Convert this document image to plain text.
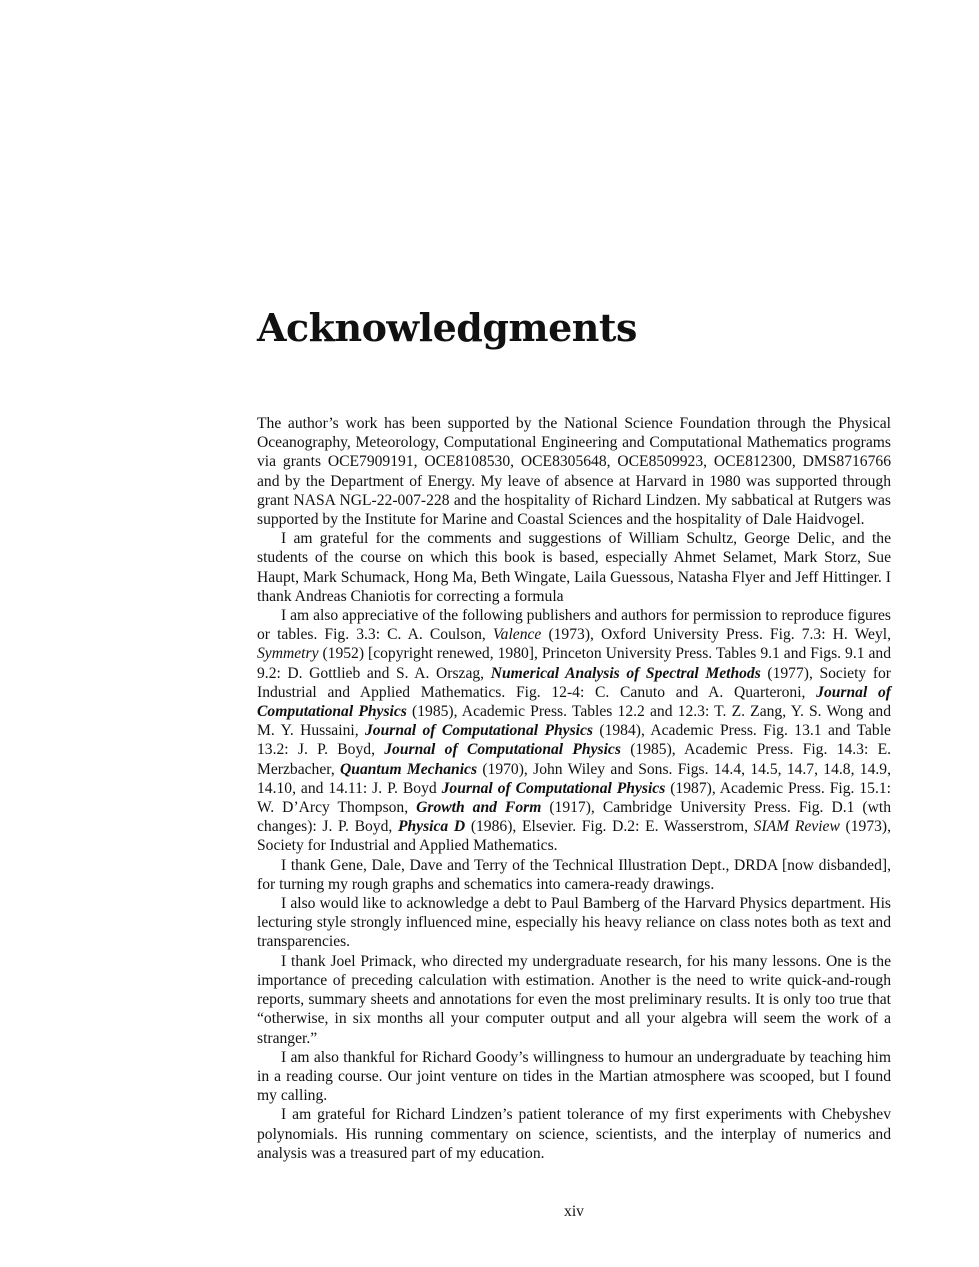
Acknowledgments

The author’s work has been supported by the National Science Foundation through the Physical Oceanography, Meteorology, Computational Engineering and Computational Mathematics programs via grants OCE7909191, OCE8108530, OCE8305648, OCE8509923, OCE812300, DMS8716766 and by the Department of Energy. My leave of absence at Harvard in 1980 was supported through grant NASA NGL-22-007-228 and the hospitality of Richard Lindzen. My sabbatical at Rutgers was supported by the Institute for Marine and Coastal Sciences and the hospitality of Dale Haidvogel.

I am grateful for the comments and suggestions of William Schultz, George Delic, and the students of the course on which this book is based, especially Ahmet Selamet, Mark Storz, Sue Haupt, Mark Schumack, Hong Ma, Beth Wingate, Laila Guessous, Natasha Flyer and Jeff Hittinger. I thank Andreas Chaniotis for correcting a formula

I am also appreciative of the following publishers and authors for permission to reproduce figures or tables. Fig. 3.3: C. A. Coulson, Valence (1973), Oxford University Press. Fig. 7.3: H. Weyl, Symmetry (1952) [copyright renewed, 1980], Princeton University Press. Tables 9.1 and Figs. 9.1 and 9.2: D. Gottlieb and S. A. Orszag, Numerical Analysis of Spectral Methods (1977), Society for Industrial and Applied Mathematics. Fig. 12-4: C. Canuto and A. Quarteroni, Journal of Computational Physics (1985), Academic Press. Tables 12.2 and 12.3: T. Z. Zang, Y. S. Wong and M. Y. Hussaini, Journal of Computational Physics (1984), Academic Press. Fig. 13.1 and Table 13.2: J. P. Boyd, Journal of Computational Physics (1985), Academic Press. Fig. 14.3: E. Merzbacher, Quantum Mechanics (1970), John Wiley and Sons. Figs. 14.4, 14.5, 14.7, 14.8, 14.9, 14.10, and 14.11: J. P. Boyd Journal of Computational Physics (1987), Academic Press. Fig. 15.1: W. D’Arcy Thompson, Growth and Form (1917), Cambridge University Press. Fig. D.1 (wth changes): J. P. Boyd, Physica D (1986), Elsevier. Fig. D.2: E. Wasserstrom, SIAM Review (1973), Society for Industrial and Applied Mathematics.

I thank Gene, Dale, Dave and Terry of the Technical Illustration Dept., DRDA [now disbanded], for turning my rough graphs and schematics into camera-ready drawings.

I also would like to acknowledge a debt to Paul Bamberg of the Harvard Physics department. His lecturing style strongly influenced mine, especially his heavy reliance on class notes both as text and transparencies.

I thank Joel Primack, who directed my undergraduate research, for his many lessons. One is the importance of preceding calculation with estimation. Another is the need to write quick-and-rough reports, summary sheets and annotations for even the most preliminary results. It is only too true that “otherwise, in six months all your computer output and all your algebra will seem the work of a stranger.”

I am also thankful for Richard Goody’s willingness to humour an undergraduate by teaching him in a reading course. Our joint venture on tides in the Martian atmosphere was scooped, but I found my calling.

I am grateful for Richard Lindzen’s patient tolerance of my first experiments with Chebyshev polynomials. His running commentary on science, scientists, and the interplay of numerics and analysis was a treasured part of my education.

xiv
